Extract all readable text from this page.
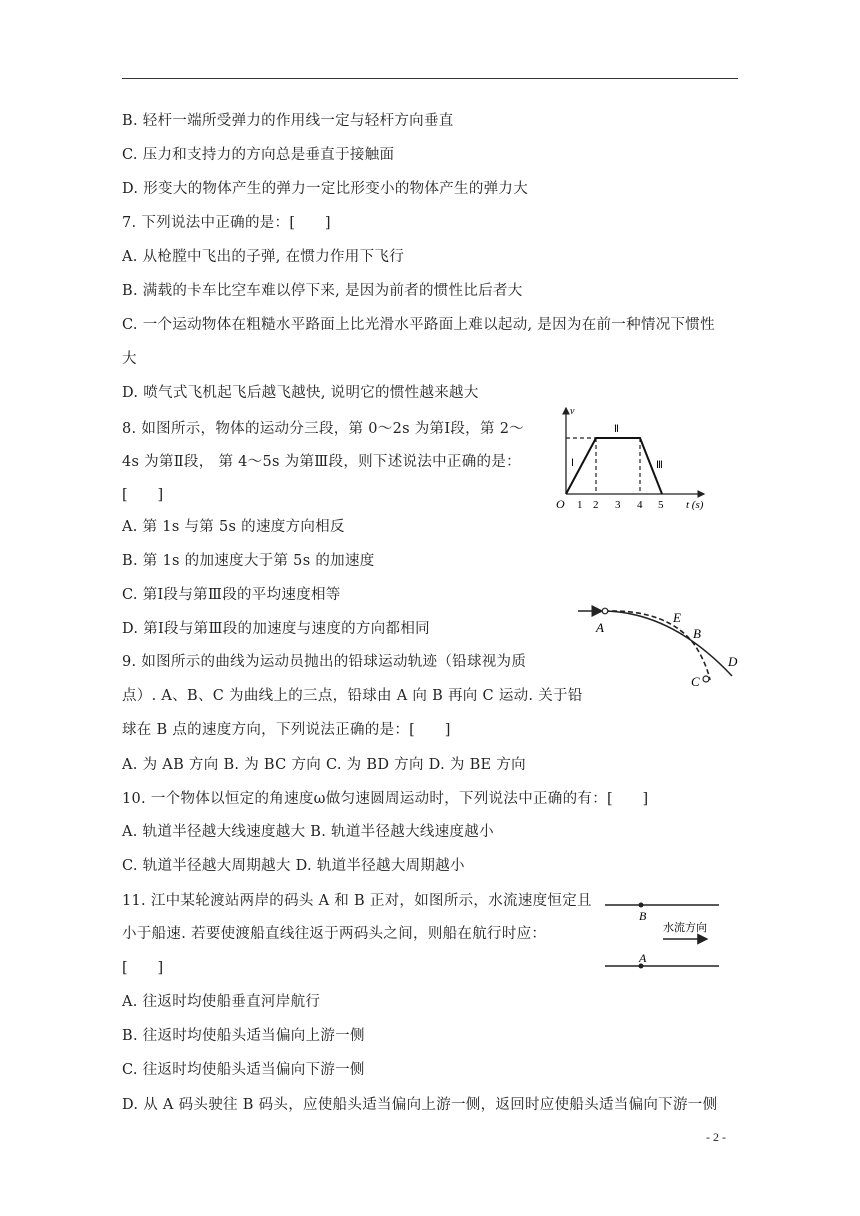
B. 轻杆一端所受弹力的作用线一定与轻杆方向垂直
C. 压力和支持力的方向总是垂直于接触面
D. 形变大的物体产生的弹力一定比形变小的物体产生的弹力大
7. 下列说法中正确的是：[　　]
A. 从枪膛中飞出的子弹, 在惯力作用下飞行
B. 满载的卡车比空车难以停下来, 是因为前者的惯性比后者大
C. 一个运动物体在粗糙水平路面上比光滑水平路面上难以起动, 是因为在前一种情况下惯性
大
D. 喷气式飞机起飞后越飞越快, 说明它的惯性越来越大
8. 如图所示，物体的运动分三段，第 0～2s 为第Ⅰ段，第 2～
4s 为第Ⅱ段， 第 4～5s 为第Ⅲ段，则下述说法中正确的是：
[　　]
A. 第 1s 与第 5s 的速度方向相反
B. 第 1s 的加速度大于第 5s 的加速度
C. 第Ⅰ段与第Ⅲ段的平均速度相等
D. 第Ⅰ段与第Ⅲ段的加速度与速度的方向都相同
9. 如图所示的曲线为运动员抛出的铅球运动轨迹（铅球视为质
点）. A、B、C 为曲线上的三点，铅球由 A 向 B 再向 C 运动. 关于铅
球在 B 点的速度方向，下列说法正确的是：[　　]
A. 为 AB 方向 B. 为 BC 方向 C. 为 BD 方向 D. 为 BE 方向
10. 一个物体以恒定的角速度ω做匀速圆周运动时，下列说法中正确的有：[　　]
A. 轨道半径越大线速度越大 B. 轨道半径越大线速度越小
C. 轨道半径越大周期越大 D. 轨道半径越大周期越小
11. 江中某轮渡站两岸的码头 A 和 B 正对，如图所示，水流速度恒定且
小于船速. 若要使渡船直线往返于两码头之间，则船在航行时应：
[　　]
A. 往返时均使船垂直河岸航行
B. 往返时均使船头适当偏向上游一侧
C. 往返时均使船头适当偏向下游一侧
D. 从 A 码头驶往 B 码头，应使船头适当偏向上游一侧，返回时应使船头适当偏向下游一侧
- 2 -
v
O 1 2 3 4 5 t (s)
Ⅰ
Ⅱ
Ⅲ
A
E
B
D
C
B
A
水流方向
